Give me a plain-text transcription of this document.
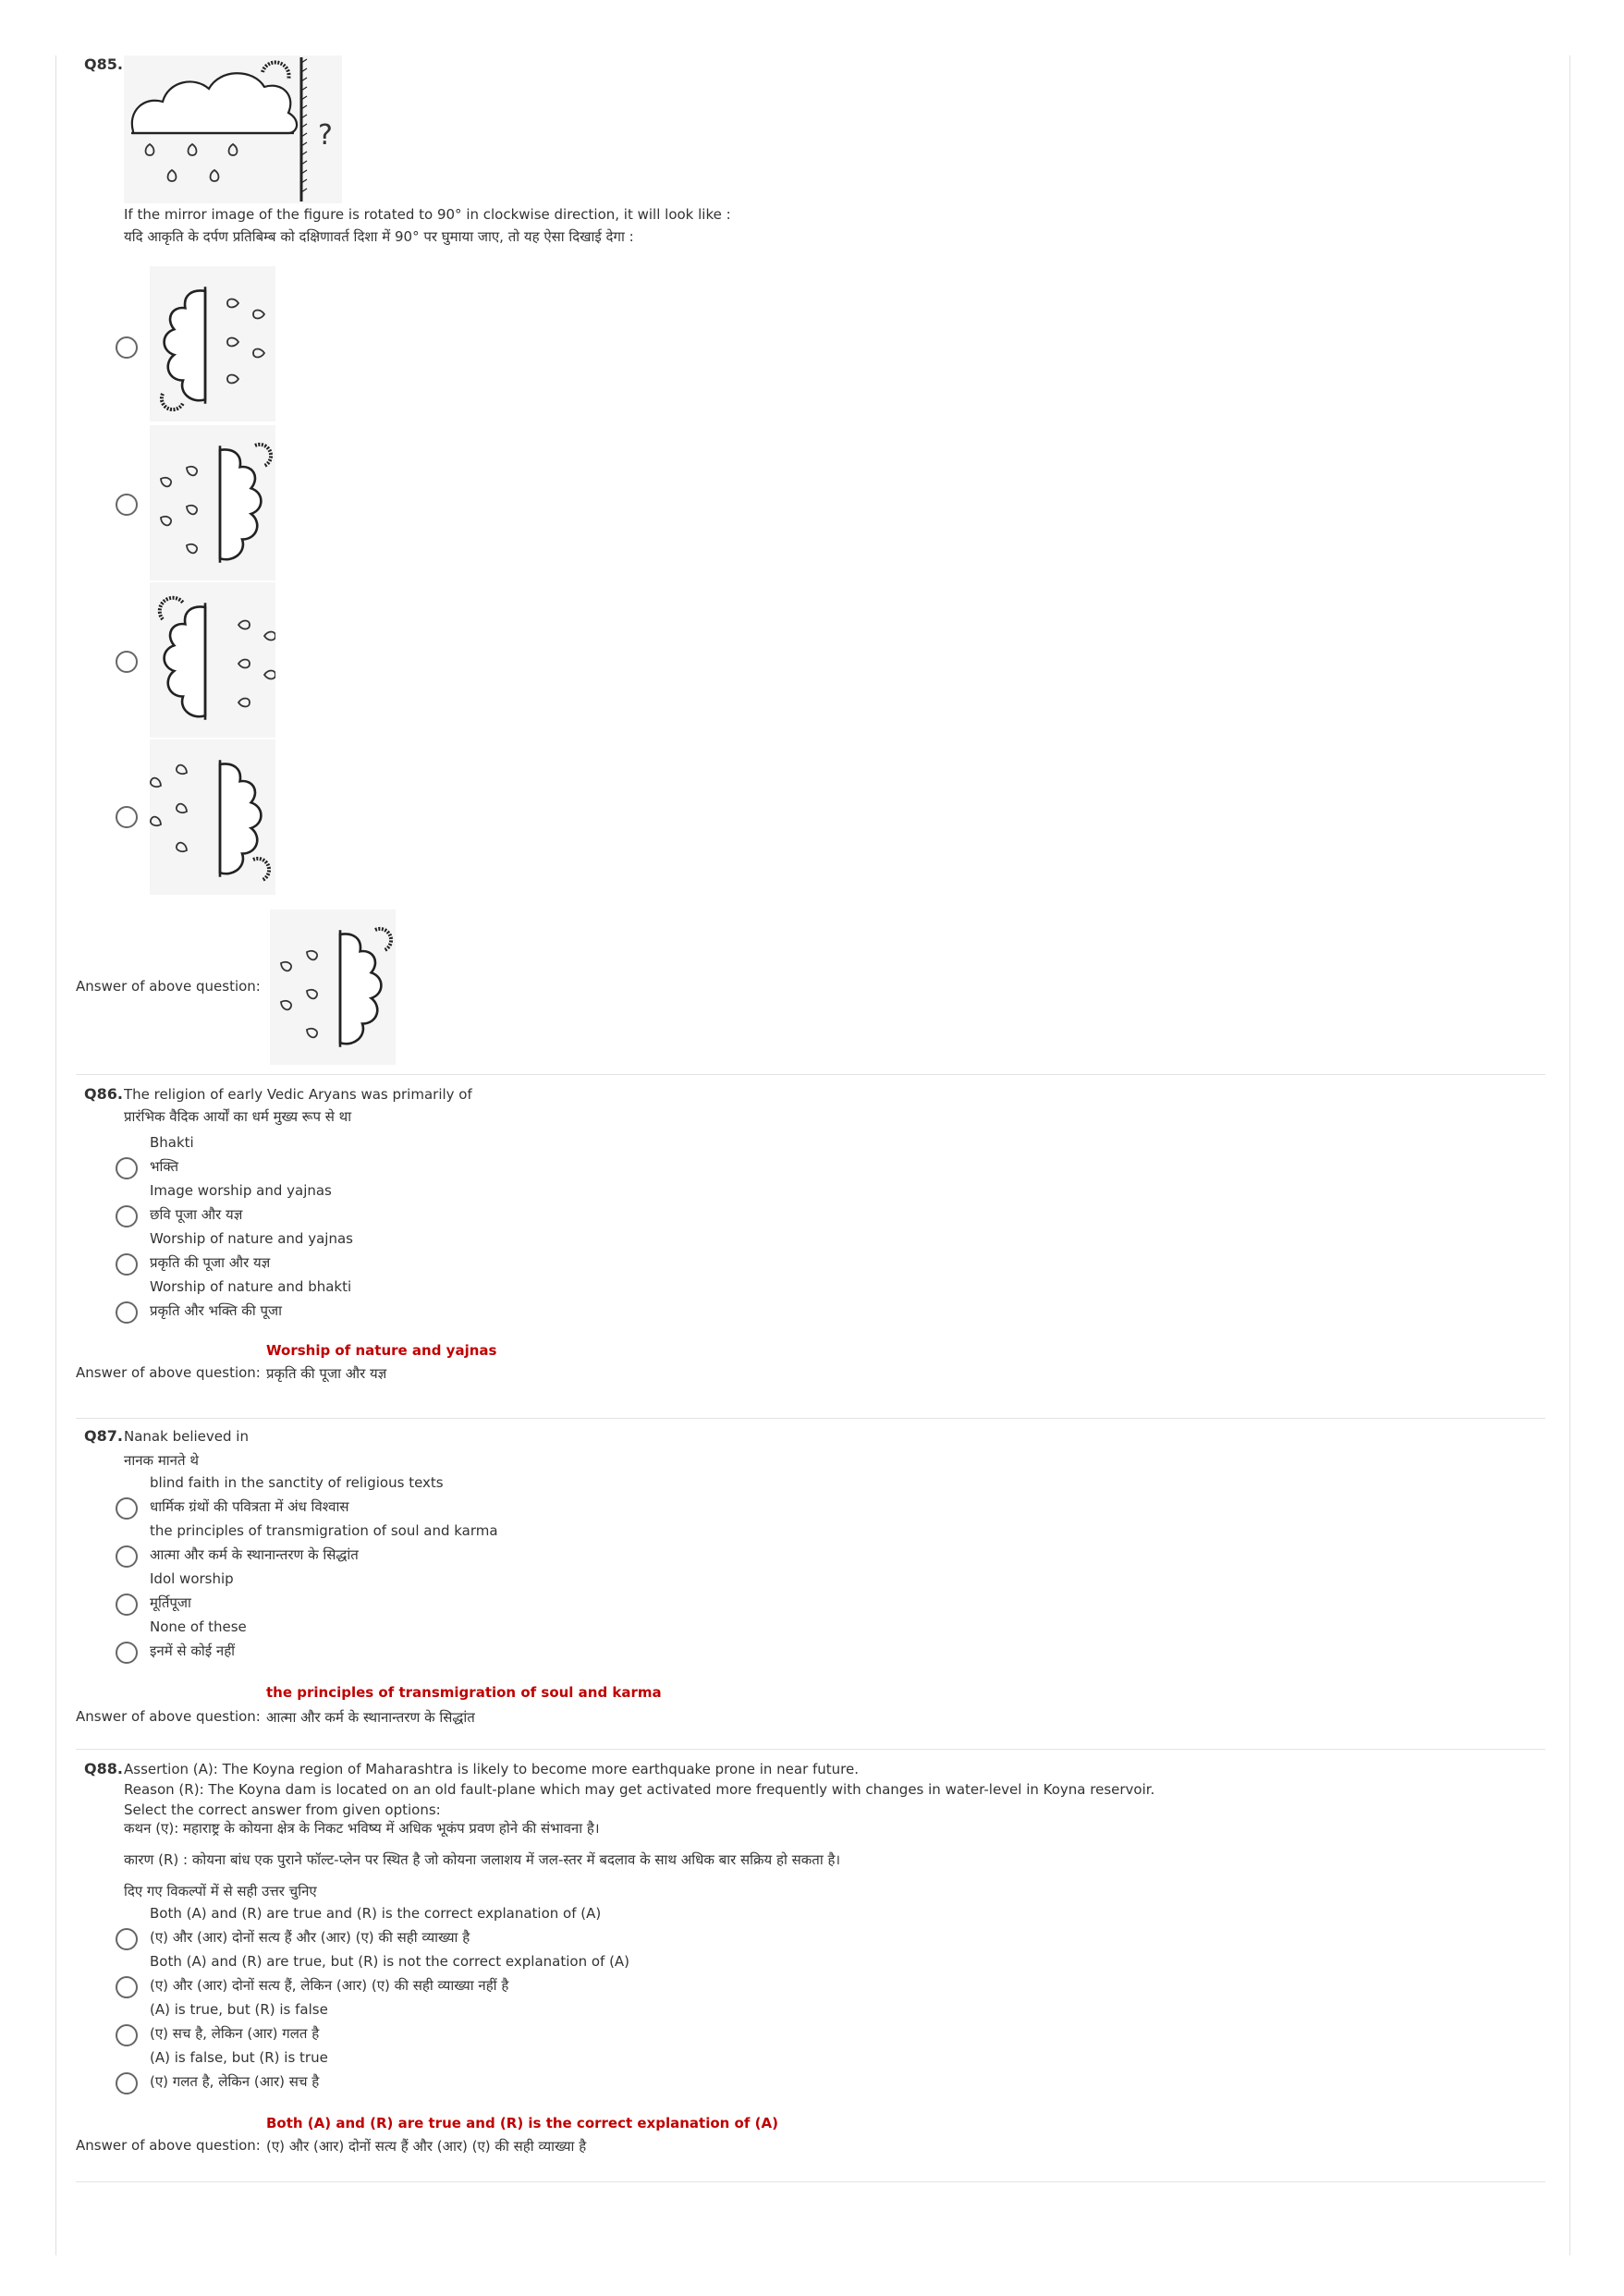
Q85.
?
If the mirror image of the figure is rotated to 90° in clockwise direction, it will look like :
यदि आकृति के दर्पण प्रतिबिम्ब को दक्षिणावर्त दिशा में 90° पर घुमाया जाए, तो यह ऐसा दिखाई देगा :
Answer of above question:
Q86. The religion of early Vedic Aryans was primarily of
प्रारंभिक वैदिक आर्यों का धर्म मुख्य रूप से था
Bhakti
भक्ति
Image worship and yajnas
छवि पूजा और यज्ञ
Worship of nature and yajnas
प्रकृति की पूजा और यज्ञ
Worship of nature and bhakti
प्रकृति और भक्ति की पूजा
Worship of nature and yajnas
Answer of above question: प्रकृति की पूजा और यज्ञ
Q87. Nanak believed in
नानक मानते थे
blind faith in the sanctity of religious texts
धार्मिक ग्रंथों की पवित्रता में अंध विश्वास
the principles of transmigration of soul and karma
आत्मा और कर्म के स्थानान्तरण के सिद्धांत
Idol worship
मूर्तिपूजा
None of these
इनमें से कोई नहीं
the principles of transmigration of soul and karma
Answer of above question: आत्मा और कर्म के स्थानान्तरण के सिद्धांत
Q88. Assertion (A): The Koyna region of Maharashtra is likely to become more earthquake prone in near future.
Reason (R): The Koyna dam is located on an old fault-plane which may get activated more frequently with changes in water-level in Koyna reservoir.
Select the correct answer from given options:
कथन (ए): महाराष्ट्र के कोयना क्षेत्र के निकट भविष्य में अधिक भूकंप प्रवण होने की संभावना है।
कारण (R) : कोयना बांध एक पुराने फॉल्ट-प्लेन पर स्थित है जो कोयना जलाशय में जल-स्तर में बदलाव के साथ अधिक बार सक्रिय हो सकता है।
दिए गए विकल्पों में से सही उत्तर चुनिए
Both (A) and (R) are true and (R) is the correct explanation of (A)
(ए) और (आर) दोनों सत्य हैं और (आर) (ए) की सही व्याख्या है
Both (A) and (R) are true, but (R) is not the correct explanation of (A)
(ए) और (आर) दोनों सत्य हैं, लेकिन (आर) (ए) की सही व्याख्या नहीं है
(A) is true, but (R) is false
(ए) सच है, लेकिन (आर) गलत है
(A) is false, but (R) is true
(ए) गलत है, लेकिन (आर) सच है
Both (A) and (R) are true and (R) is the correct explanation of (A)
Answer of above question: (ए) और (आर) दोनों सत्य हैं और (आर) (ए) की सही व्याख्या है
